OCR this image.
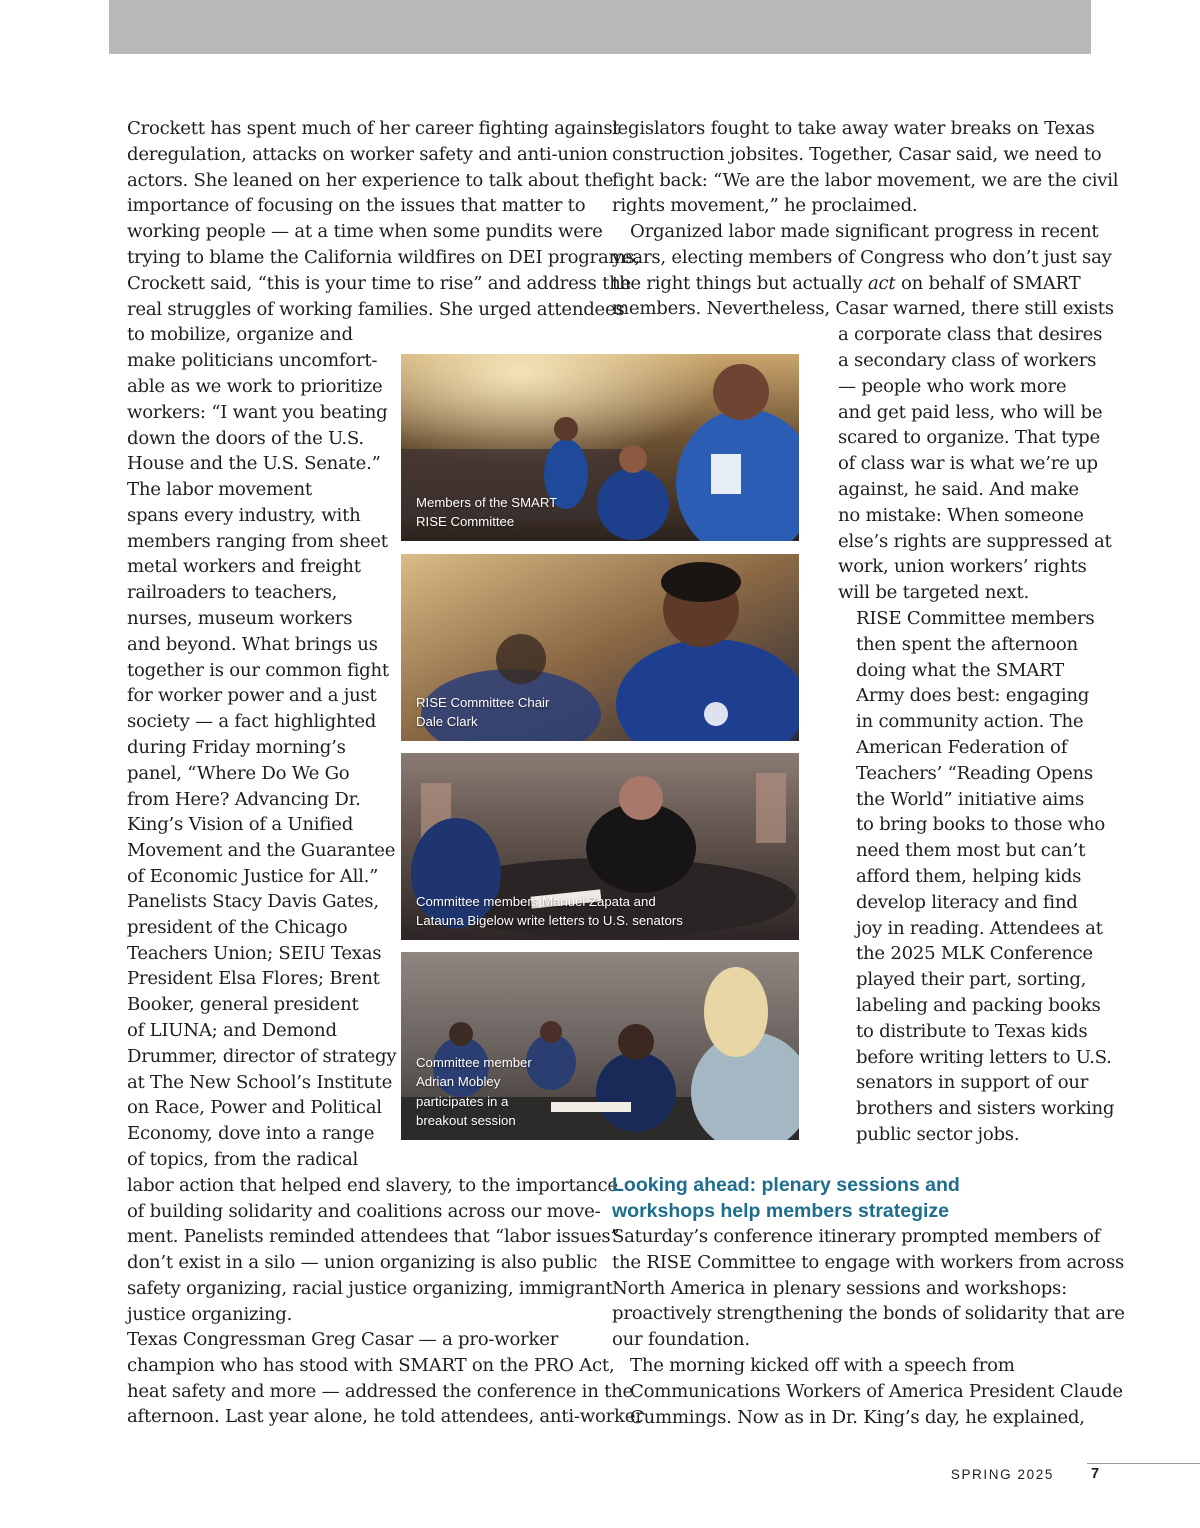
Crockett has spent much of her career fighting against
deregulation, attacks on worker safety and anti-union
actors. She leaned on her experience to talk about the
importance of focusing on the issues that matter to
working people — at a time when some pundits were
trying to blame the California wildfires on DEI programs,
Crockett said, “this is your time to rise” and address the
real struggles of working families. She urged attendees
to mobilize, organize and
make politicians uncomfort-
able as we work to prioritize
workers: “I want you beating
down the doors of the U.S.
House and the U.S. Senate.”
The labor movement
spans every industry, with
members ranging from sheet
metal workers and freight
railroaders to teachers,
nurses, museum workers
and beyond. What brings us
together is our common fight
for worker power and a just
society — a fact highlighted
during Friday morning’s
panel, “Where Do We Go
from Here? Advancing Dr.
King’s Vision of a Unified
Movement and the Guarantee
of Economic Justice for All.”
Panelists Stacy Davis Gates,
president of the Chicago
Teachers Union; SEIU Texas
President Elsa Flores; Brent
Booker, general president
of LIUNA; and Demond
Drummer, director of strategy
at The New School’s Institute
on Race, Power and Political
Economy, dove into a range
of topics, from the radical
labor action that helped end slavery, to the importance
of building solidarity and coalitions across our move-
ment. Panelists reminded attendees that “labor issues”
don’t exist in a silo — union organizing is also public
safety organizing, racial justice organizing, immigrant
justice organizing.
Texas Congressman Greg Casar — a pro-worker
champion who has stood with SMART on the PRO Act,
heat safety and more — addressed the conference in the
afternoon. Last year alone, he told attendees, anti-worker
legislators fought to take away water breaks on Texas
construction jobsites. Together, Casar said, we need to
fight back: “We are the labor movement, we are the civil
rights movement,” he proclaimed.
Organized labor made significant progress in recent
years, electing members of Congress who don’t just say
the right things but actually act on behalf of SMART
members. Nevertheless, Casar warned, there still exists
a corporate class that desires
a secondary class of workers
— people who work more
and get paid less, who will be
scared to organize. That type
of class war is what we’re up
against, he said. And make
no mistake: When someone
else’s rights are suppressed at
work, union workers’ rights
will be targeted next.
RISE Committee members
then spent the afternoon
doing what the SMART
Army does best: engaging
in community action. The
American Federation of
Teachers’ “Reading Opens
the World” initiative aims
to bring books to those who
need them most but can’t
afford them, helping kids
develop literacy and find
joy in reading. Attendees at
the 2025 MLK Conference
played their part, sorting,
labeling and packing books
to distribute to Texas kids
before writing letters to U.S.
senators in support of our
brothers and sisters working
public sector jobs.
Looking ahead: plenary sessions and
workshops help members strategize
Saturday’s conference itinerary prompted members of
the RISE Committee to engage with workers from across
North America in plenary sessions and workshops:
proactively strengthening the bonds of solidarity that are
our foundation.
The morning kicked off with a speech from
Communications Workers of America President Claude
Cummings. Now as in Dr. King’s day, he explained,
Members of the SMART
RISE Committee
RISE Committee Chair
Dale Clark
Committee members Manuel Zapata and
Latauna Bigelow write letters to U.S. senators
Committee member
Adrian Mobley
participates in a
breakout session

SPRING 2025	7
